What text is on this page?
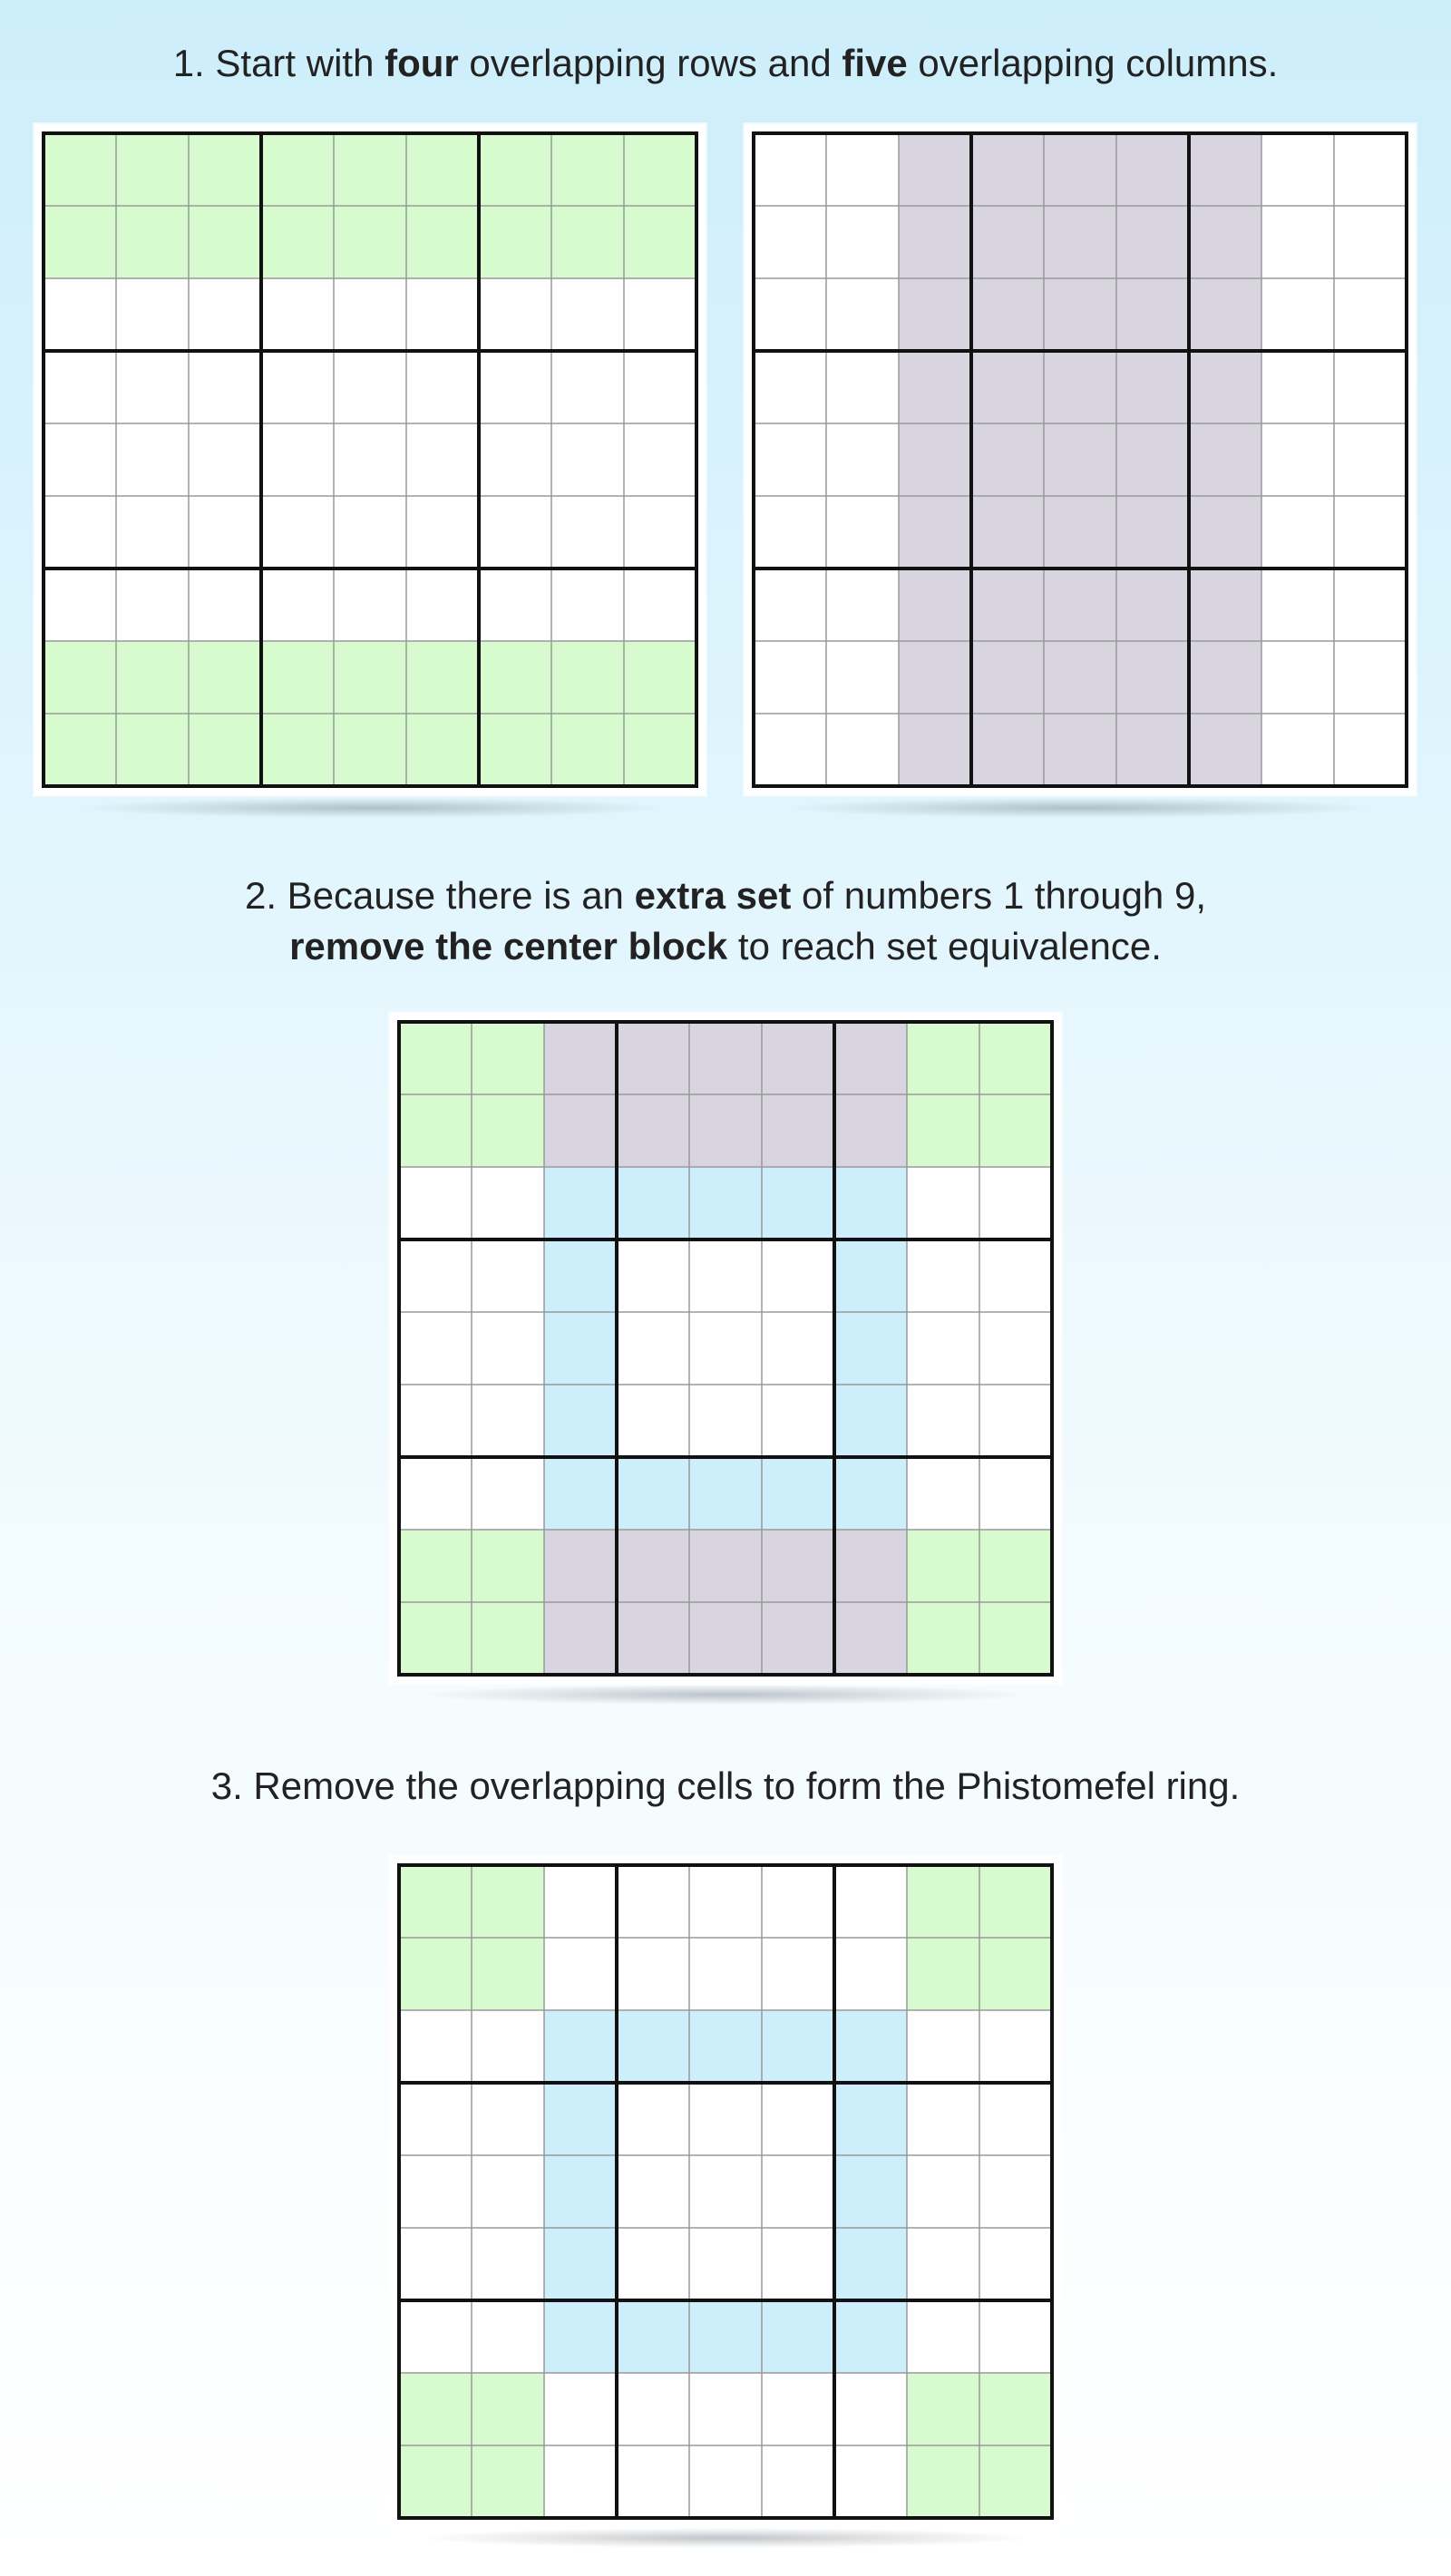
1. Start with four overlapping rows and five overlapping columns.
2. Because there is an extra set of numbers 1 through 9,
remove the center block to reach set equivalence.
3. Remove the overlapping cells to form the Phistomefel ring.
